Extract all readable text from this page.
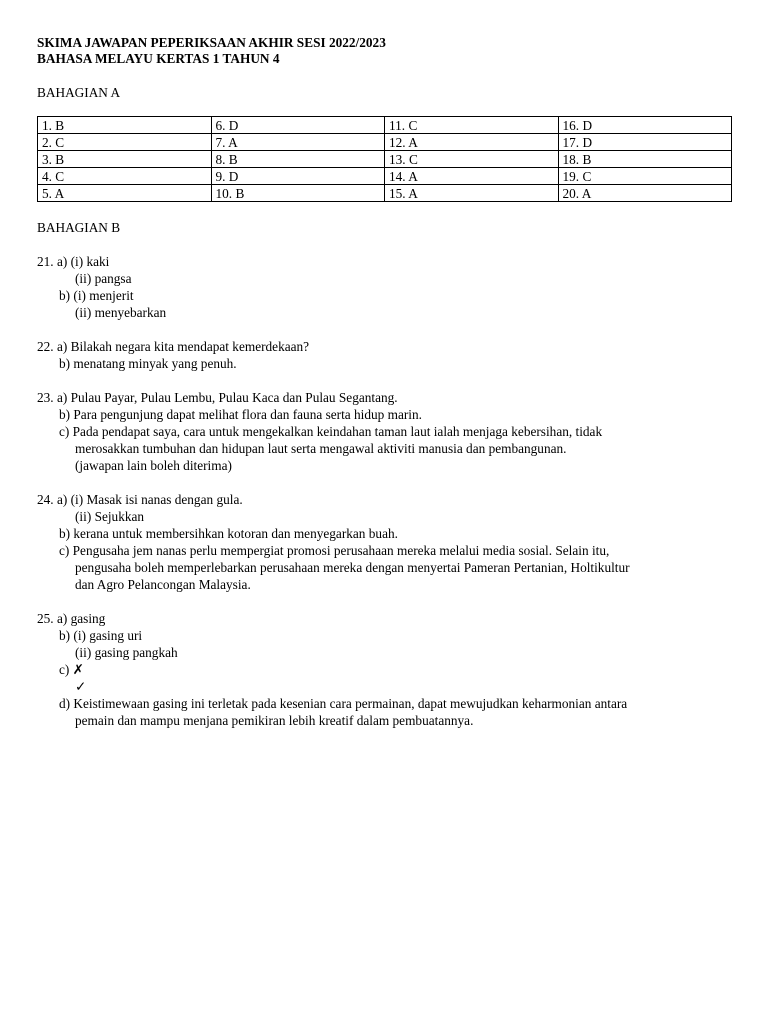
SKIMA JAWAPAN PEPERIKSAAN AKHIR SESI 2022/2023
BAHASA MELAYU KERTAS 1 TAHUN 4
BAHAGIAN A
1. B	6. D	11. C	16. D
2. C	7. A	12. A	17. D
3. B	8. B	13. C	18. B
4. C	9. D	14. A	19. C
5. A	10. B	15. A	20. A
BAHAGIAN B
21. a) (i) kaki
(ii) pangsa
b) (i) menjerit
(ii) menyebarkan
22. a) Bilakah negara kita mendapat kemerdekaan?
b) menatang minyak yang penuh.
23. a) Pulau Payar, Pulau Lembu, Pulau Kaca dan Pulau Segantang.
b) Para pengunjung dapat melihat flora dan fauna serta hidup marin.
c) Pada pendapat saya, cara untuk mengekalkan keindahan taman laut ialah menjaga kebersihan, tidak
merosakkan tumbuhan dan hidupan laut serta mengawal aktiviti manusia dan pembangunan.
(jawapan lain boleh diterima)
24. a) (i) Masak isi nanas dengan gula.
(ii) Sejukkan
b) kerana untuk membersihkan kotoran dan menyegarkan buah.
c) Pengusaha jem nanas perlu mempergiat promosi perusahaan mereka melalui media sosial. Selain itu,
pengusaha boleh memperlebarkan perusahaan mereka dengan menyertai Pameran Pertanian, Holtikultur
dan Agro Pelancongan Malaysia.
25. a) gasing
b) (i) gasing uri
(ii) gasing pangkah
c) ✗
✓
d) Keistimewaan gasing ini terletak pada kesenian cara permainan, dapat mewujudkan keharmonian antara
pemain dan mampu menjana pemikiran lebih kreatif dalam pembuatannya.
